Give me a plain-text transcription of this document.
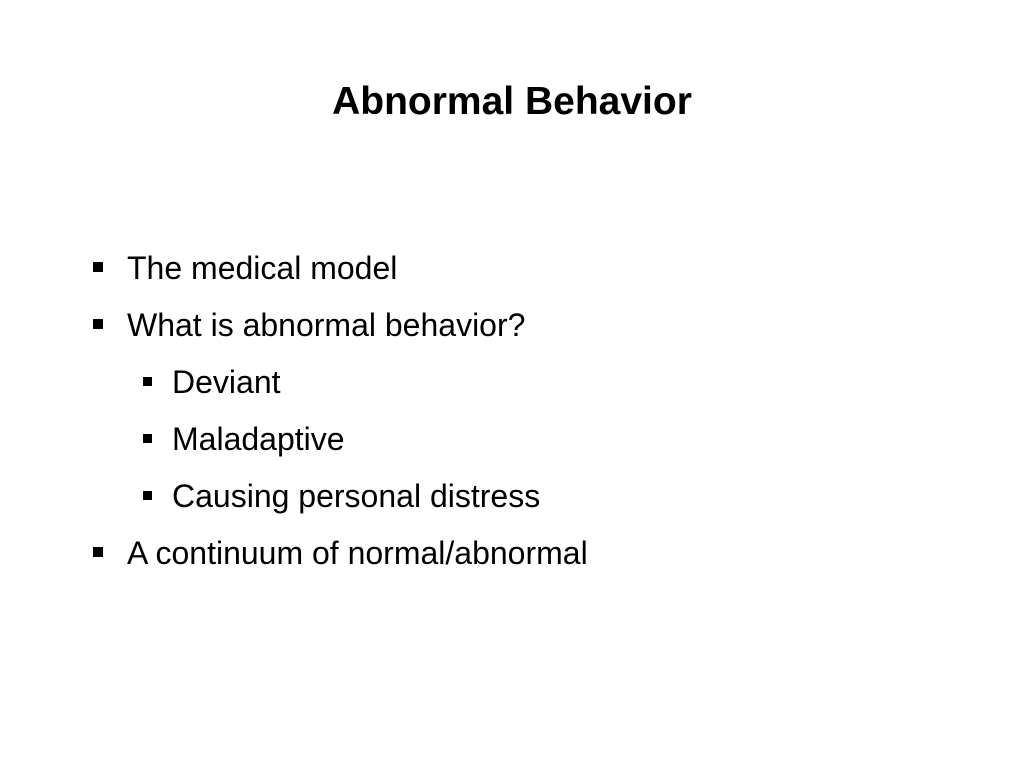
Abnormal Behavior
The medical model
What is abnormal behavior?
Deviant
Maladaptive
Causing personal distress
A continuum of normal/abnormal
